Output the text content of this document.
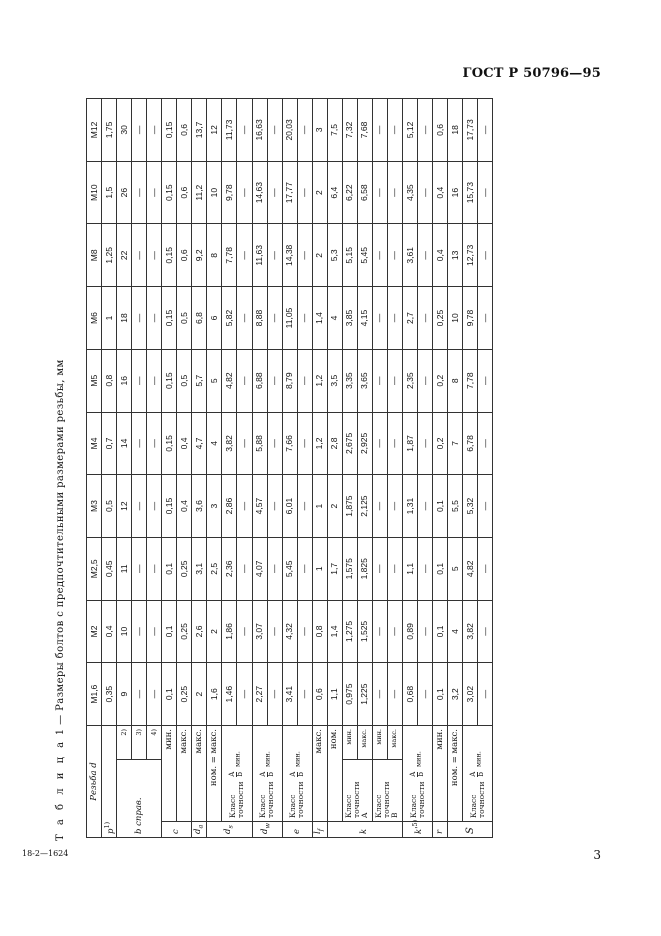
ГОСТ Р 50796—95
Т а б л и ц а 1 — Размеры болтов с предпочтительными размерами резьбы, мм
Резьба d			М1,6	М2	М2,5	М3	М4	М5	М6	М8	М10	М12
$p^{1)}$			0,35	0,4	0,45	0,5	0,7	0,8	1	1,25	1,5	1,75
b справ.		2)	9	10	11	12	14	16	18	22	26	30
		3)	—	—	—	—	—	—	—	—	—	—
		4)	—	—	—	—	—	—	—	—	—	—
c	мин.		0,1	0,1	0,1	0,15	0,15	0,15	0,15	0,15	0,15	0,15
	макс.		0,25	0,25	0,25	0,4	0,4	0,5	0,5	0,6	0,6	0,6
$d_a$	макс.		2	2,6	3,1	3,6	4,7	5,7	6,8	9,2	11,2	13,7
$d_s$	ном. = макс.		1,6	2	2,5	3	4	5	6	8	10	12
	Класс
точности
A b
мин.		1,46	1,86	2,36	2,86	3,82	4,82	5,82	7,78	9,78	11,73
			—	—	—	—	—	—	—	—	—	—
$d_w$	Класс
точности
A b
мин.		2,27	3,07	4,07	4,57	5,88	6,88	8,88	11,63	14,63	16,63
			—	—	—	—	—	—	—	—	—	—
e	Класс
точности
A b
мин.		3,41	4,32	5,45	6,01	7,66	8,79	11,05	14,38	17,77	20,03
			—	—	—	—	—	—	—	—	—	—
$l_f$	макс.		0,6	0,8	1	1	1,2	1,2	1,4	2	2	3
k	ном.		1,1	1,4	1,7	2	2,8	3,5	4	5,3	6,4	7,5
	Класс
точности
A	мин.	0,975	1,275	1,575	1,875	2,675	3,35	3,85	5,15	6,22	7,32
		макс.	1,225	1,525	1,825	2,125	2,925	3,65	4,15	5,45	6,58	7,68
	Класс
точности
B	мин.	—	—	—	—	—	—	—	—	—	—
		макс.	—	—	—	—	—	—	—	—	—	—
$k'^{5)}$	Класс
точности
A b
мин.		0,68	0,89	1,1	1,31	1,87	2,35	2,7	3,61	4,35	5,12
			—	—	—	—	—	—	—	—	—	—
r	мин.		0,1	0,1	0,1	0,1	0,2	0,2	0,25	0,4	0,4	0,6
S	ном. = макс.		3,2	4	5	5,5	7	8	10	13	16	18
	Класс
точности
A b
мин.		3,02	3,82	4,82	5,32	6,78	7,78	9,78	12,73	15,73	17,73
			—	—	—	—	—	—	—	—	—	—
18-2—1624	3
